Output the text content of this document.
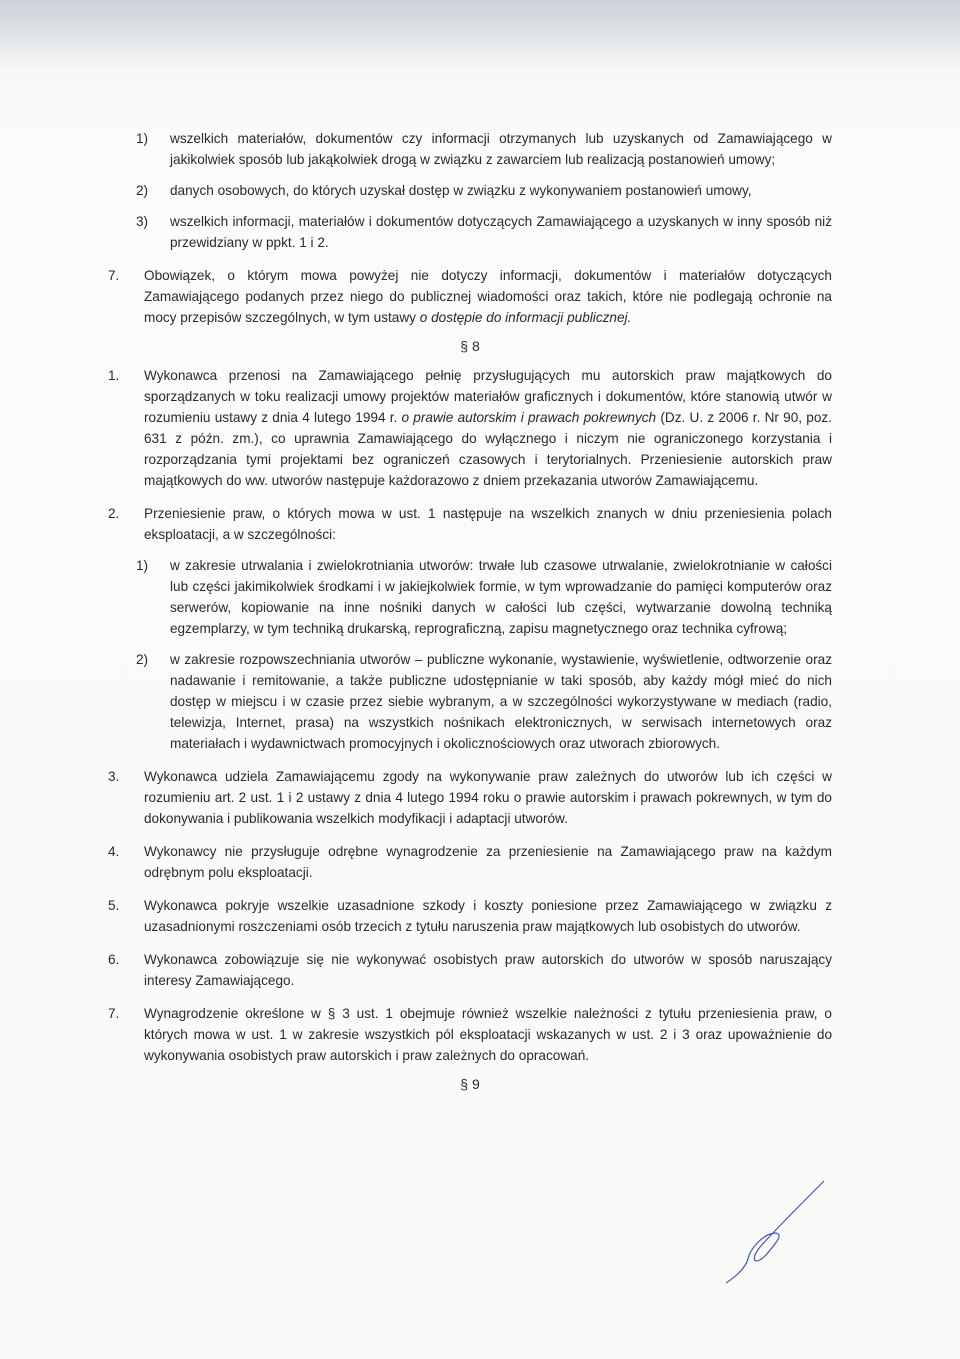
1)	wszelkich materiałów, dokumentów czy informacji otrzymanych lub uzyskanych od Zamawiającego w jakikolwiek sposób lub jakąkolwiek drogą w związku z zawarciem lub realizacją postanowień umowy;
2)	danych osobowych, do których uzyskał dostęp w związku z wykonywaniem postanowień umowy,
3)	wszelkich informacji, materiałów i dokumentów dotyczących Zamawiającego a uzyskanych w inny sposób niż przewidziany w ppkt. 1 i 2.
7.	Obowiązek, o którym mowa powyżej nie dotyczy informacji, dokumentów i materiałów dotyczących Zamawiającego podanych przez niego do publicznej wiadomości oraz takich, które nie podlegają ochronie na mocy przepisów szczególnych, w tym ustawy o dostępie do informacji publicznej.
§ 8
1.	Wykonawca przenosi na Zamawiającego pełnię przysługujących mu autorskich praw majątkowych do sporządzanych w toku realizacji umowy projektów materiałów graficznych i dokumentów, które stanowią utwór w rozumieniu ustawy z dnia 4 lutego 1994 r. o prawie autorskim i prawach pokrewnych (Dz. U. z 2006 r. Nr 90, poz. 631 z późn. zm.), co uprawnia Zamawiającego do wyłącznego i niczym nie ograniczonego korzystania i rozporządzania tymi projektami bez ograniczeń czasowych i terytorialnych. Przeniesienie autorskich praw majątkowych do ww. utworów następuje każdorazowo z dniem przekazania utworów Zamawiającemu.
2.	Przeniesienie praw, o których mowa w ust. 1 następuje na wszelkich znanych w dniu przeniesienia polach eksploatacji, a w szczególności:
1)	w zakresie utrwalania i zwielokrotniania utworów: trwałe lub czasowe utrwalanie, zwielokrotnianie w całości lub części jakimikolwiek środkami i w jakiejkolwiek formie, w tym wprowadzanie do pamięci komputerów oraz serwerów, kopiowanie na inne nośniki danych w całości lub części, wytwarzanie dowolną techniką egzemplarzy, w tym techniką drukarską, reprograficzną, zapisu magnetycznego oraz technika cyfrową;
2)	w zakresie rozpowszechniania utworów – publiczne wykonanie, wystawienie, wyświetlenie, odtworzenie oraz nadawanie i remitowanie, a także publiczne udostępnianie w taki sposób, aby każdy mógł mieć do nich dostęp w miejscu i w czasie przez siebie wybranym, a w szczególności wykorzystywane w mediach (radio, telewizja, Internet, prasa) na wszystkich nośnikach elektronicznych, w serwisach internetowych oraz materiałach i wydawnictwach promocyjnych i okolicznościowych oraz utworach zbiorowych.
3.	Wykonawca udziela Zamawiającemu zgody na wykonywanie praw zależnych do utworów lub ich części w rozumieniu art. 2 ust. 1 i 2 ustawy z dnia 4 lutego 1994 roku o prawie autorskim i prawach pokrewnych, w tym do dokonywania i publikowania wszelkich modyfikacji i adaptacji utworów.
4.	Wykonawcy nie przysługuje odrębne wynagrodzenie za przeniesienie na Zamawiającego praw na każdym odrębnym polu eksploatacji.
5.	Wykonawca pokryje wszelkie uzasadnione szkody i koszty poniesione przez Zamawiającego w związku z uzasadnionymi roszczeniami osób trzecich z tytułu naruszenia praw majątkowych lub osobistych do utworów.
6.	Wykonawca zobowiązuje się nie wykonywać osobistych praw autorskich do utworów w sposób naruszający interesy Zamawiającego.
7.	Wynagrodzenie określone w § 3 ust. 1 obejmuje również wszelkie należności z tytułu przeniesienia praw, o których mowa w ust. 1 w zakresie wszystkich pól eksploatacji wskazanych w ust. 2 i 3 oraz upoważnienie do wykonywania osobistych praw autorskich i praw zależnych do opracowań.
§ 9
